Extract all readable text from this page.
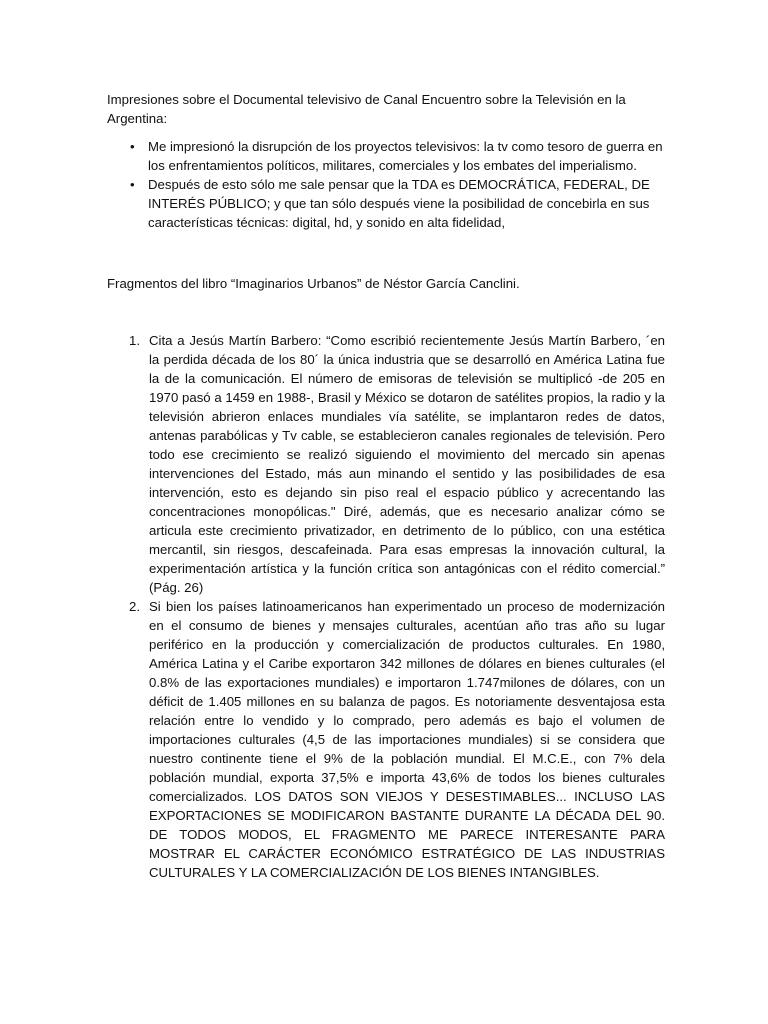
Impresiones sobre el Documental televisivo de Canal Encuentro sobre la Televisión en la Argentina:

• Me impresionó la disrupción de los proyectos televisivos: la tv como tesoro de guerra en los enfrentamientos políticos, militares, comerciales y los embates del imperialismo.
• Después de esto sólo me sale pensar que la TDA es DEMOCRÁTICA, FEDERAL, DE INTERÉS PÚBLICO; y que tan sólo después viene la posibilidad de concebirla en sus características técnicas: digital, hd, y sonido en alta fidelidad,

Fragmentos del libro “Imaginarios Urbanos” de Néstor García Canclini.

1. Cita a Jesús Martín Barbero: “Como escribió recientemente Jesús Martín Barbero, ´en la perdida década de los 80´ la única industria que se desarrolló en América Latina fue la de la comunicación. El número de emisoras de televisión se multiplicó -de 205 en 1970 pasó a 1459 en 1988-, Brasil y México se dotaron de satélites propios, la radio y la televisión abrieron enlaces mundiales vía satélite, se implantaron redes de datos, antenas parabólicas y Tv cable, se establecieron canales regionales de televisión. Pero todo ese crecimiento se realizó siguiendo el movimiento del mercado sin apenas intervenciones del Estado, más aun minando el sentido y las posibilidades de esa intervención, esto es dejando sin piso real el espacio público y acrecentando las concentraciones monopólicas." Diré, además, que es necesario analizar cómo se articula este crecimiento privatizador, en detrimento de lo público, con una estética mercantil, sin riesgos, descafeinada. Para esas empresas la innovación cultural, la experimentación artística y la función crítica son antagónicas con el rédito comercial.” (Pág. 26)
2. Si bien los países latinoamericanos han experimentado un proceso de modernización en el consumo de bienes y mensajes culturales, acentúan año tras año su lugar periférico en la producción y comercialización de productos culturales. En 1980, América Latina y el Caribe exportaron 342 millones de dólares en bienes culturales (el 0.8% de las exportaciones mundiales) e importaron 1.747milones de dólares, con un déficit de 1.405 millones en su balanza de pagos. Es notoriamente desventajosa esta relación entre lo vendido y lo comprado, pero además es bajo el volumen de importaciones culturales (4,5 de las importaciones mundiales) si se considera que nuestro continente tiene el 9% de la población mundial. El M.C.E., con 7% dela población mundial, exporta 37,5% e importa 43,6% de todos los bienes culturales comercializados. LOS DATOS SON VIEJOS Y DESESTIMABLES... INCLUSO LAS EXPORTACIONES SE MODIFICARON BASTANTE DURANTE LA DÉCADA DEL 90. DE TODOS MODOS, EL FRAGMENTO ME PARECE INTERESANTE PARA MOSTRAR EL CARÁCTER ECONÓMICO ESTRATÉGICO DE LAS INDUSTRIAS CULTURALES Y LA COMERCIALIZACIÓN DE LOS BIENES INTANGIBLES.
